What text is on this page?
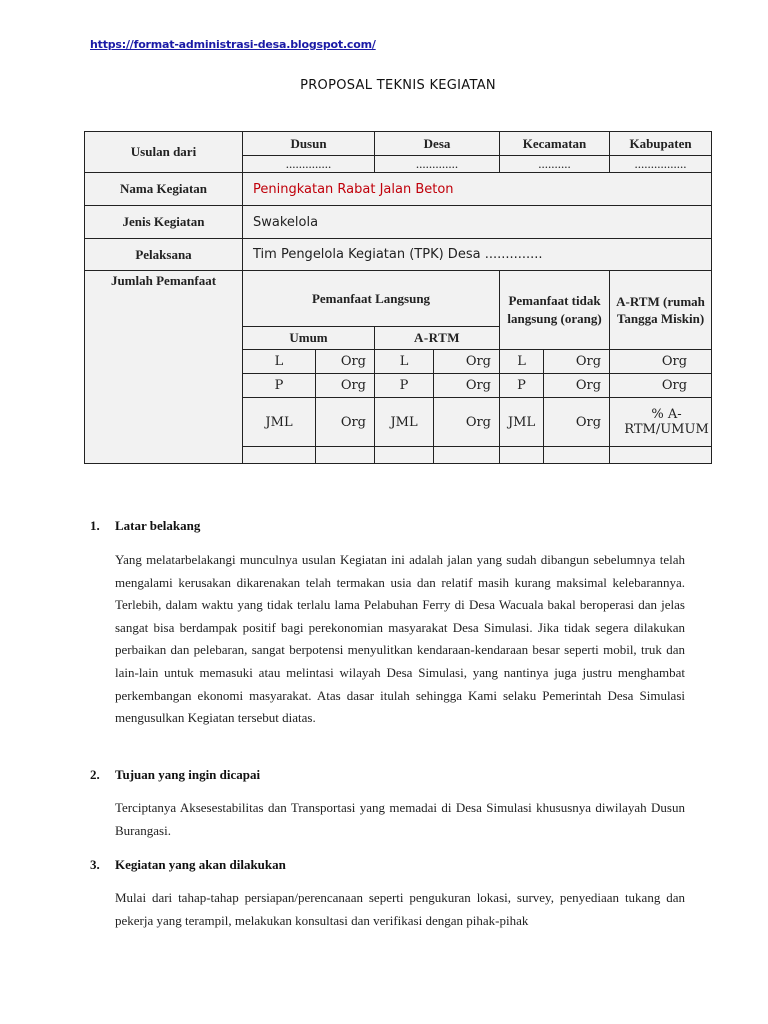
https://format-administrasi-desa.blogspot.com/
PROPOSAL TEKNIS KEGIATAN
Usulan dari	Dusun		Desa		Kecamatan		Kabupaten
	..............		.............		..........		................
Nama Kegiatan	Peningkatan Rabat Jalan Beton						
Jenis Kegiatan	Swakelola						
Pelaksana	Tim Pengelola Kegiatan (TPK) Desa ..............						
Jumlah Pemanfaat	Pemanfaat Langsung				Pemanfaat tidak langsung (orang)		A-RTM (rumah Tangga Miskin)
	Umum		A-RTM				
	L	Org	L	Org	L	Org	Org
	P	Org	P	Org	P	Org	Org
	JML	Org	JML	Org	JML	Org	% A-RTM/UMUM

1. Latar belakang
Yang melatarbelakangi munculnya usulan Kegiatan ini adalah jalan yang sudah dibangun sebelumnya telah mengalami kerusakan dikarenakan telah termakan usia dan relatif masih kurang maksimal kelebarannya. Terlebih, dalam waktu yang tidak terlalu lama Pelabuhan Ferry di Desa Wacuala bakal beroperasi dan jelas sangat bisa berdampak positif bagi perekonomian masyarakat Desa Simulasi. Jika tidak segera dilakukan perbaikan dan pelebaran, sangat berpotensi menyulitkan kendaraan-kendaraan besar seperti mobil, truk dan lain-lain untuk memasuki atau melintasi wilayah Desa Simulasi, yang nantinya juga justru menghambat perkembangan ekonomi masyarakat. Atas dasar itulah sehingga Kami selaku Pemerintah Desa Simulasi mengusulkan Kegiatan tersebut diatas.
2. Tujuan yang ingin dicapai
Terciptanya Aksesestabilitas dan Transportasi yang memadai di Desa Simulasi khususnya diwilayah Dusun Burangasi.
3. Kegiatan yang akan dilakukan
Mulai dari tahap-tahap persiapan/perencanaan seperti pengukuran lokasi, survey, penyediaan tukang dan pekerja yang terampil, melakukan konsultasi dan verifikasi dengan pihak-pihak
